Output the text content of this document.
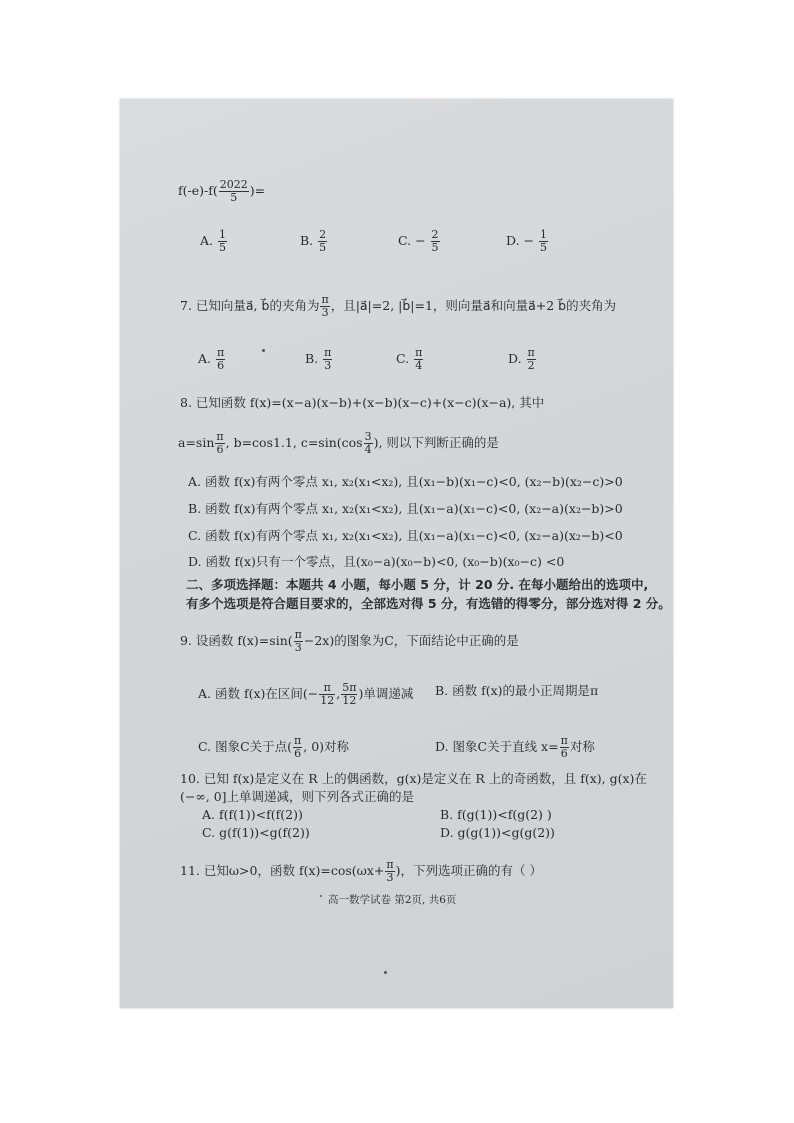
$f(-e)-f( \frac{2022}{5}$ )=
A. $\frac{1}{5}$	B. $\frac{2}{5}$	C. − $\frac{2}{5}$	D. − $\frac{1}{5}$
7. 已知向量a⃗, b⃗的夹角为 $\frac{\pi}{3}$ ，且|a⃗|=2, |b⃗|=1，则向量a⃗和向量a⃗+2 b⃗的夹角为
A. $\frac{\pi}{6}$	B. $\frac{\pi}{3}$	C. $\frac{\pi}{4}$	D. $\frac{\pi}{2}$
8. 已知函数 f(x)=(x−a)(x−b)+(x−b)(x−c)+(x−c)(x−a), 其中
$a=\sin \frac{\pi}{6}$ , b=cos1.1, $c=\sin(\cos \frac{3}{4}$ ), 则以下判断正确的是
A. 函数 f(x)有两个零点 x₁, x₂(x₁<x₂), 且(x₁−b)(x₁−c)<0, (x₂−b)(x₂−c)>0
B. 函数 f(x)有两个零点 x₁, x₂(x₁<x₂), 且(x₁−a)(x₁−c)<0, (x₂−a)(x₂−b)>0
C. 函数 f(x)有两个零点 x₁, x₂(x₁<x₂), 且(x₁−a)(x₁−c)<0, (x₂−a)(x₂−b)<0
D. 函数 f(x)只有一个零点，且(x₀−a)(x₀−b)<0, (x₀−b)(x₀−c) <0
二、多项选择题：本题共 4 小题，每小题 5 分，计 20 分. 在每小题给出的选项中,
有多个选项是符合题目要求的，全部选对得 5 分，有选错的得零分，部分选对得 2 分。
9. 设函数 $f(x)=\sin( \frac{\pi}{3} -2x)$的图象为C，下面结论中正确的是
A. 函数 f(x)在区间(− $\frac{\pi}{12}$ , $\frac{5\pi}{12}$ )单调递减 B. 函数 f(x)的最小正周期是π
C. 图象C关于点( $\frac{\pi}{6}$ , 0)对称	D. 图象C关于直线 $x= \frac{\pi}{6}$ 对称
10. 已知 f(x)是定义在 R 上的偶函数，g(x)是定义在 R 上的奇函数，且 f(x), g(x)在
(−∞, 0]上单调递减，则下列各式正确的是
A. f(f(1))<f(f(2))	B. f(g(1))<f(g(2) )
C. g(f(1))<g(f(2))	D. g(g(1))<g(g(2))
11. 已知ω>0，函数 $f(x)=\cos(\omega x+ \frac{\pi}{3}$ )，下列选项正确的有（ ）
高一数学试卷 第2页, 共6页
